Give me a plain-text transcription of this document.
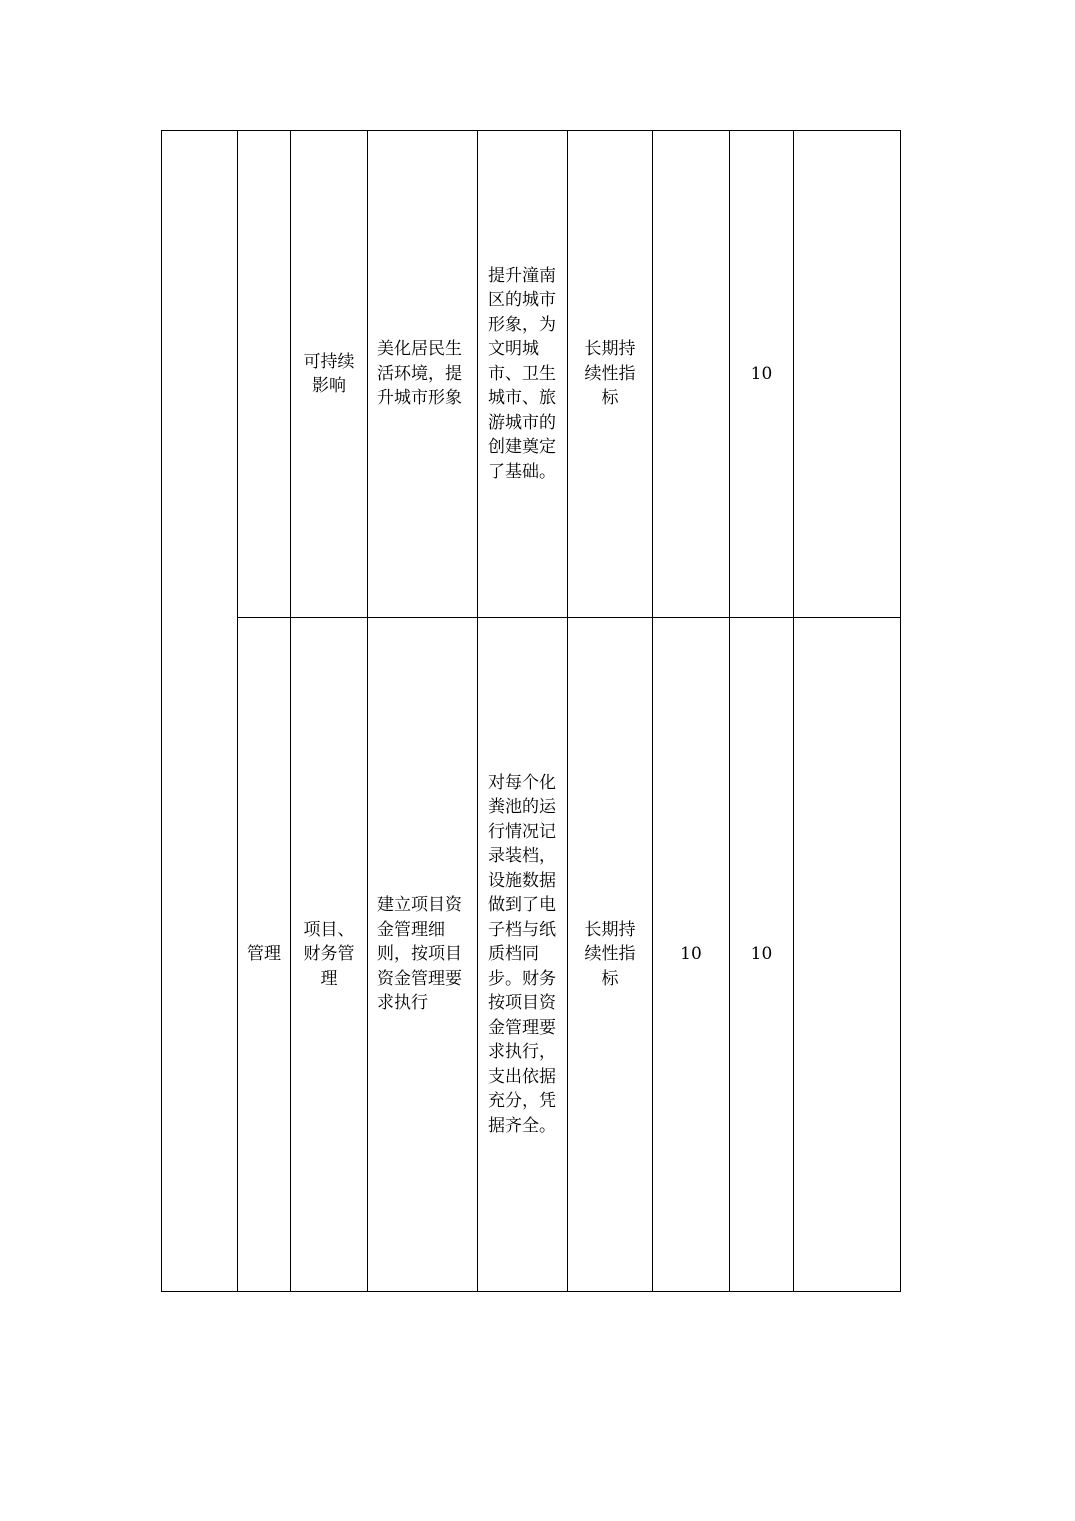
		可持续影响	美化居民生活环境，提升城市形象	提升潼南区的城市形象，为文明城市、卫生城市、旅游城市的创建奠定了基础。	长期持续性指标		10	
	管理	项目、财务管理	建立项目资金管理细则，按项目资金管理要求执行	对每个化粪池的运行情况记录装档，设施数据做到了电子档与纸质档同步。财务按项目资金管理要求执行，支出依据充分，凭据齐全。	长期持续性指标	10	10	
